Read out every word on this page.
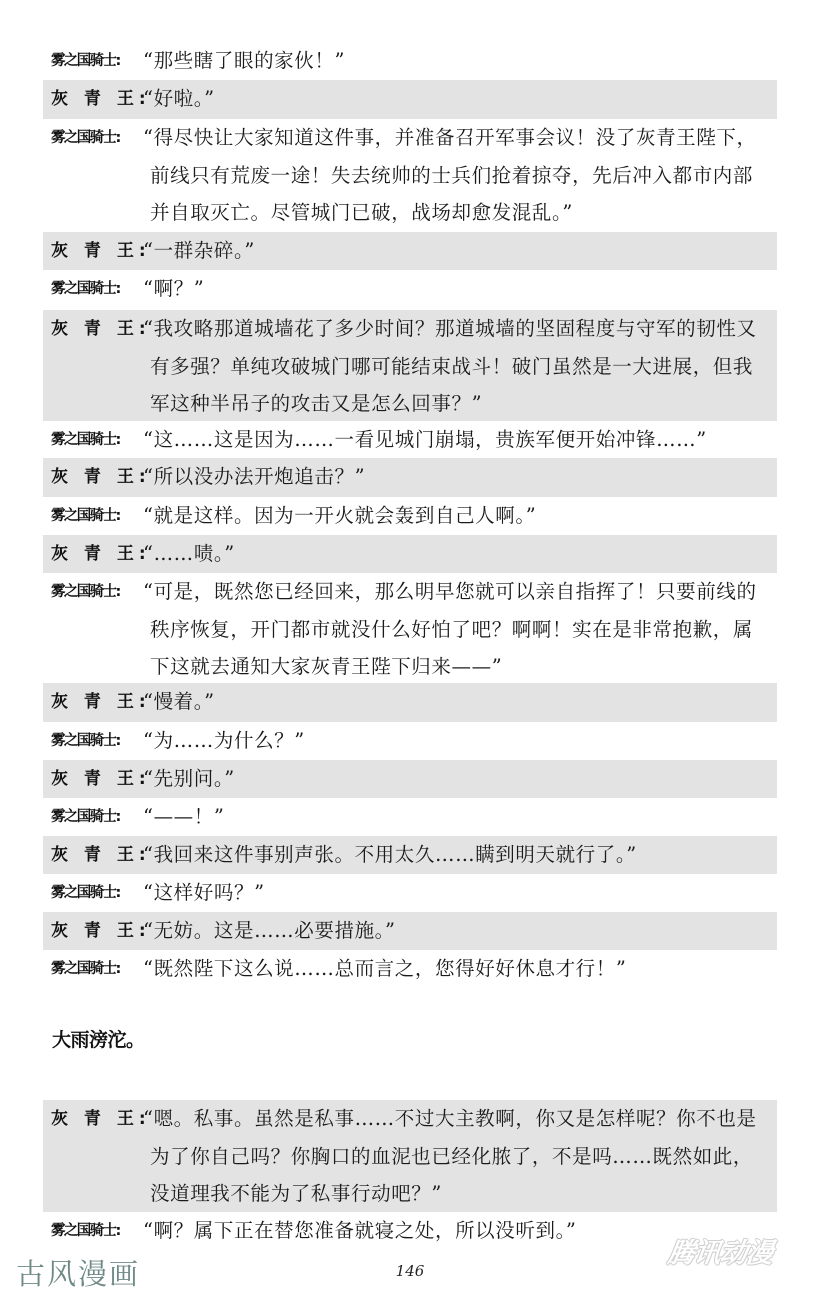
雾之国骑士: “那些瞎了眼的家伙！”
灰 青 王:
“好啦。”
雾之国骑士: “得尽快让大家知道这件事，并准备召开军事会议！没了灰青王陛下，前线只有荒废一途！失去统帅的士兵们抢着掠夺，先后冲入都市内部并自取灭亡。尽管城门已破，战场却愈发混乱。”
灰 青 王:
“一群杂碎。”
雾之国骑士: “啊？”
灰 青 王:
“我攻略那道城墙花了多少时间？那道城墙的坚固程度与守军的韧性又有多强？单纯攻破城门哪可能结束战斗！破门虽然是一大进展，但我军这种半吊子的攻击又是怎么回事？”
雾之国骑士: “这……这是因为……一看见城门崩塌，贵族军便开始冲锋……”
灰 青 王:
“所以没办法开炮追击？”
雾之国骑士: “就是这样。因为一开火就会轰到自己人啊。”
灰 青 王:
“……啧。”
雾之国骑士: “可是，既然您已经回来，那么明早您就可以亲自指挥了！只要前线的秩序恢复，开门都市就没什么好怕了吧？啊啊！实在是非常抱歉，属下这就去通知大家灰青王陛下归来——”
灰 青 王:
“慢着。”
雾之国骑士: “为……为什么？”
灰 青 王:
“先别问。”
雾之国骑士: “——！”
灰 青 王:
“我回来这件事别声张。不用太久……瞒到明天就行了。”
雾之国骑士: “这样好吗？”
灰 青 王:
“无妨。这是……必要措施。”
雾之国骑士: “既然陛下这么说……总而言之，您得好好休息才行！”
大雨滂沱。
灰 青 王:
“嗯。私事。虽然是私事……不过大主教啊，你又是怎样呢？你不也是为了你自己吗？你胸口的血泥也已经化脓了，不是吗……既然如此，没道理我不能为了私事行动吧？”
雾之国骑士: “啊？属下正在替您准备就寝之处，所以没听到。”
古风漫画	146
腾讯动漫
